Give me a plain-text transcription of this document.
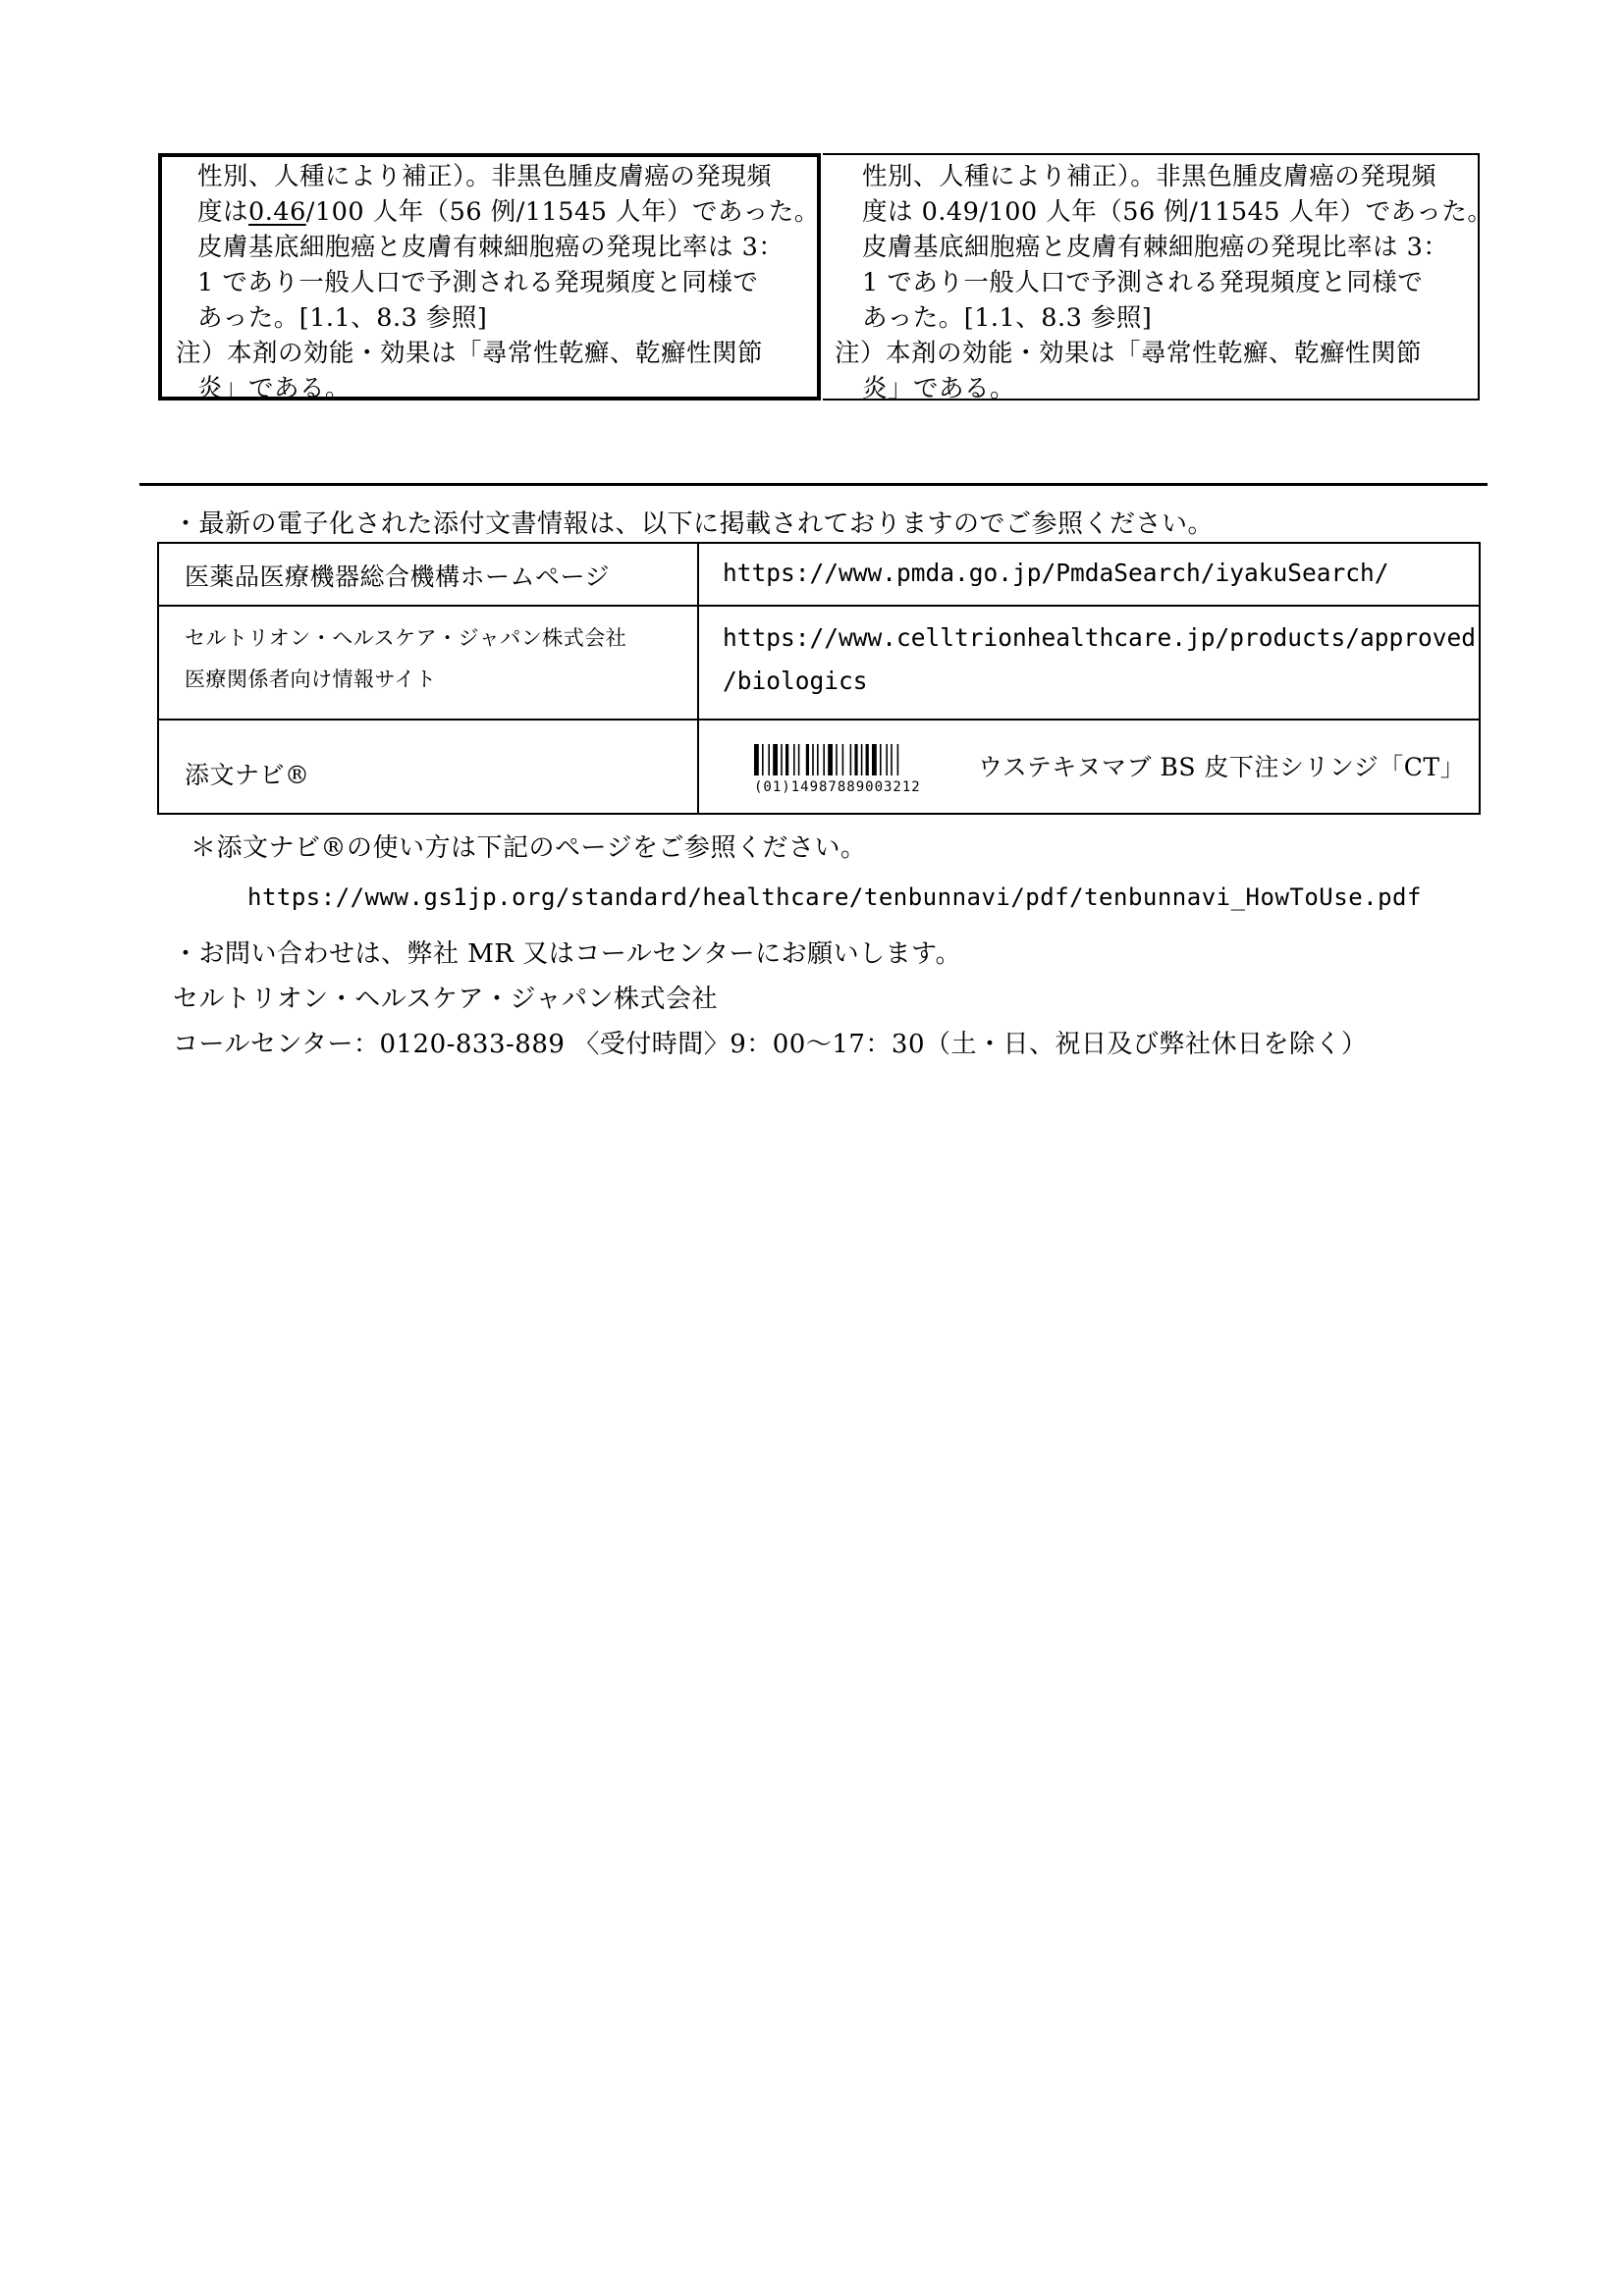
性別、人種により補正）。非黒色腫皮膚癌の発現頻
度は0.46/100 人年（56 例/11545 人年）であった。
皮膚基底細胞癌と皮膚有棘細胞癌の発現比率は 3：
1 であり一般人口で予測される発現頻度と同様で
あった。[1.1、8.3 参照]
注）本剤の効能・効果は「尋常性乾癬、乾癬性関節
炎」である。
性別、人種により補正）。非黒色腫皮膚癌の発現頻
度は 0.49/100 人年（56 例/11545 人年）であった。
皮膚基底細胞癌と皮膚有棘細胞癌の発現比率は 3：
1 であり一般人口で予測される発現頻度と同様で
あった。[1.1、8.3 参照]
注）本剤の効能・効果は「尋常性乾癬、乾癬性関節
炎」である。
・最新の電子化された添付文書情報は、以下に掲載されておりますのでご参照ください。
医薬品医療機器総合機構ホームページ	https://www.pmda.go.jp/PmdaSearch/iyakuSearch/
セルトリオン・ヘルスケア・ジャパン株式会社
医療関係者向け情報サイト
https://www.celltrionhealthcare.jp/products/approved
/biologics
添文ナビ®	(01)14987889003212
ウステキヌマブ BS 皮下注シリンジ「CT」
＊添文ナビ®の使い方は下記のページをご参照ください。
https://www.gs1jp.org/standard/healthcare/tenbunnavi/pdf/tenbunnavi_HowToUse.pdf
・お問い合わせは、弊社 MR 又はコールセンターにお願いします。
セルトリオン・ヘルスケア・ジャパン株式会社
コールセンター：0120-833-889 〈受付時間〉9：00～17：30（土・日、祝日及び弊社休日を除く）
